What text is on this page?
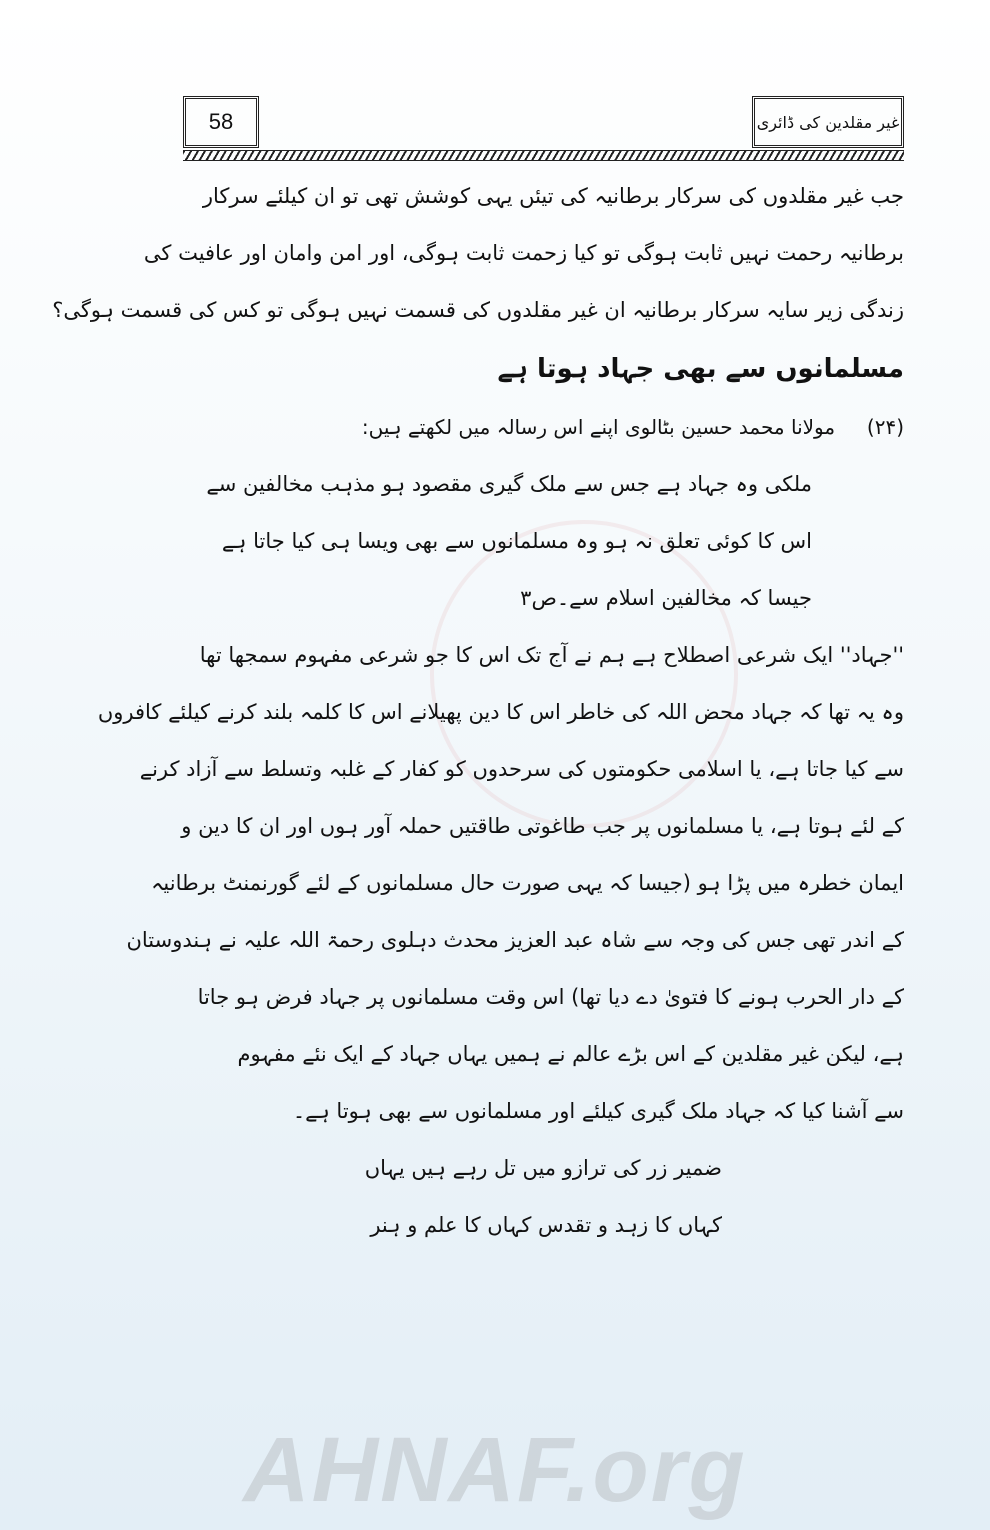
58	غیر مقلدین کی ڈائری
جب غیر مقلدوں کی سرکار برطانیہ کی تیئں یہی کوشش تھی تو ان کیلئے سرکار
برطانیہ رحمت نہیں ثابت ہوگی تو کیا زحمت ثابت ہوگی، اور امن وامان اور عافیت کی
زندگی زیر سایہ سرکار برطانیہ ان غیر مقلدوں کی قسمت نہیں ہوگی تو کس کی قسمت ہوگی؟
مسلمانوں سے بھی جہاد ہوتا ہے
(۲۴)     مولانا محمد حسین بٹالوی اپنے اس رسالہ میں لکھتے ہیں:
ملکی وہ جہاد ہے جس سے ملک گیری مقصود ہو مذہب مخالفین سے
اس کا کوئی تعلق نہ ہو وہ مسلمانوں سے بھی ویسا ہی کیا جاتا ہے
جیسا کہ مخالفین اسلام سے۔ص۳
''جہاد'' ایک شرعی اصطلاح ہے ہم نے آج تک اس کا جو شرعی مفہوم سمجھا تھا
وہ یہ تھا کہ جہاد محض اللہ کی خاطر اس کا دین پھیلانے اس کا کلمہ بلند کرنے کیلئے کافروں
سے کیا جاتا ہے، یا اسلامی حکومتوں کی سرحدوں کو کفار کے غلبہ وتسلط سے آزاد کرنے
کے لئے ہوتا ہے، یا مسلمانوں پر جب طاغوتی طاقتیں حملہ آور ہوں اور ان کا دین و
ایمان خطرہ میں پڑا ہو (جیسا کہ یہی صورت حال مسلمانوں کے لئے گورنمنٹ برطانیہ
کے اندر تھی جس کی وجہ سے شاہ عبد العزیز محدث دہلوی رحمۃ اللہ علیہ نے ہندوستان
کے دار الحرب ہونے کا فتویٰ دے دیا تھا) اس وقت مسلمانوں پر جہاد فرض ہو جاتا
ہے، لیکن غیر مقلدین کے اس بڑے عالم نے ہمیں یہاں جہاد کے ایک نئے مفہوم
سے آشنا کیا کہ جہاد ملک گیری کیلئے اور مسلمانوں سے بھی ہوتا ہے۔
ضمیر زر کی ترازو میں تل رہے ہیں یہاں
کہاں کا زہد و تقدس کہاں کا علم و ہنر
AHNAF.org
